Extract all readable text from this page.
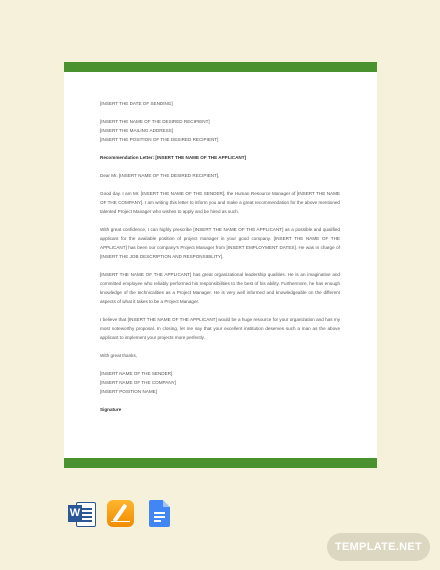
[INSERT THE DATE OF SENDING]

[INSERT THE NAME OF THE DESIRED RECIPIENT]
[INSERT THE MAILING ADDRESS]
[INSERT THE POSITION OF THE DESIRED RECIPIENT]

Recommendation Letter: [INSERT THE NAME OF THE APPLICANT]

Dear Mr. [INSERT NAME OF THE DESIRED RECIPIENT],

Good day. I am Mr. [INSERT THE NAME OF THE SENDER], the Human Resource Manager of [INSERT THE NAME OF THE COMPANY]. I am writing this letter to inform you and make a great recommendation for the above mentioned talented Project Manager who wishes to apply and be hired as such.

With great confidence, I can highly prescribe [INSERT THE NAME OF THE APPLICANT] as a possible and qualified applicant for the available position of project manager in your good company. [INSERT THE NAME OF THE APPLICANT] has been our company's Project Manager from [INSERT EMPLOYMENT DATES]. He was in charge of [INSERT THE JOB DESCRIPTION AND RESPONSIBILITY].

[INSERT THE NAME OF THE APPLICANT] has great organizational leadership qualities. He is an imaginative and committed employee who reliably performed his responsibilities to the best of his ability. Furthermore, he has enough knowledge of the technicalities as a Project Manager. He is very well informed and knowledgeable on the different aspects of what it takes to be a Project Manager.

I believe that [INSERT THE NAME OF THE APPLICANT] would be a huge resource for your organization and has my most noteworthy proposal. In closing, let me say that your excellent institution deserves such a man as the above applicant to implement your projects more perfectly.

With great thanks,

[INSERT NAME OF THE SENDER]
[INSERT NAME OF THE COMPANY]
[INSERT POSITION NAME]

Signature

W
TEMPLATE.NET
